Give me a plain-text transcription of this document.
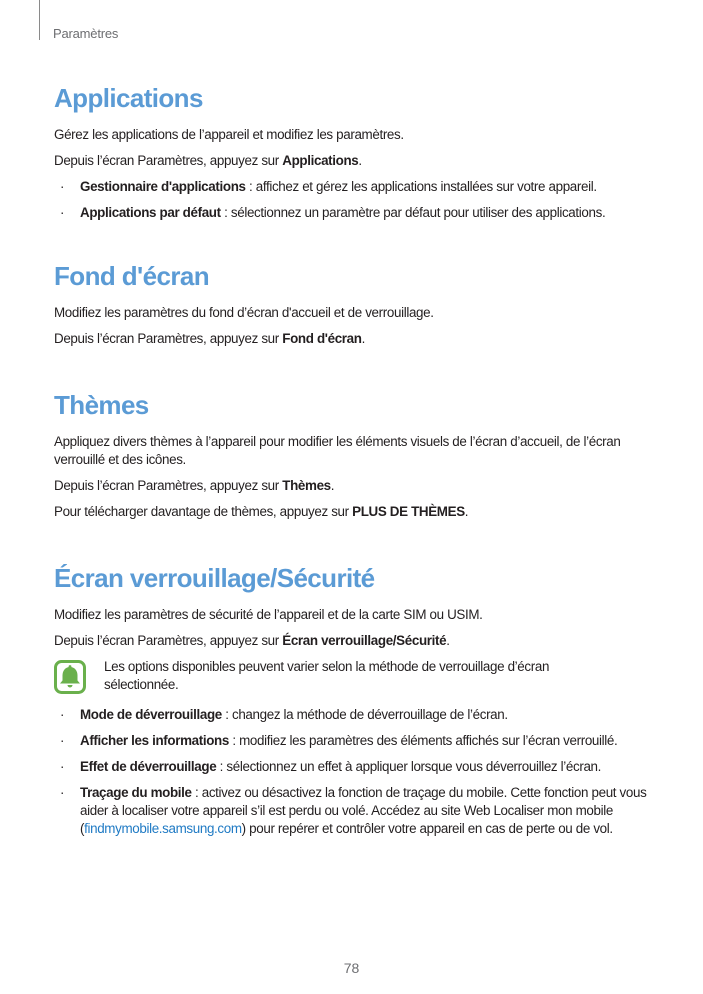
Paramètres
Applications

Gérez les applications de l’appareil et modifiez les paramètres.

Depuis l’écran Paramètres, appuyez sur Applications.

· Gestionnaire d'applications : affichez et gérez les applications installées sur votre appareil.
· Applications par défaut : sélectionnez un paramètre par défaut pour utiliser des applications.
Fond d'écran

Modifiez les paramètres du fond d’écran d'accueil et de verrouillage.

Depuis l’écran Paramètres, appuyez sur Fond d'écran.

Thèmes

Appliquez divers thèmes à l’appareil pour modifier les éléments visuels de l’écran d’accueil, de l’écran verrouillé et des icônes.

Depuis l’écran Paramètres, appuyez sur Thèmes.

Pour télécharger davantage de thèmes, appuyez sur PLUS DE THÈMES.

Écran verrouillage/Sécurité

Modifiez les paramètres de sécurité de l’appareil et de la carte SIM ou USIM.

Depuis l’écran Paramètres, appuyez sur Écran verrouillage/Sécurité.

Les options disponibles peuvent varier selon la méthode de verrouillage d’écran sélectionnée.

· Mode de déverrouillage : changez la méthode de déverrouillage de l’écran.
· Afficher les informations : modifiez les paramètres des éléments affichés sur l’écran verrouillé.
· Effet de déverrouillage : sélectionnez un effet à appliquer lorsque vous déverrouillez l’écran.
· Traçage du mobile : activez ou désactivez la fonction de traçage du mobile. Cette fonction peut vous aider à localiser votre appareil s’il est perdu ou volé. Accédez au site Web Localiser mon mobile (findmymobile.samsung.com) pour repérer et contrôler votre appareil en cas de perte ou de vol.
78
